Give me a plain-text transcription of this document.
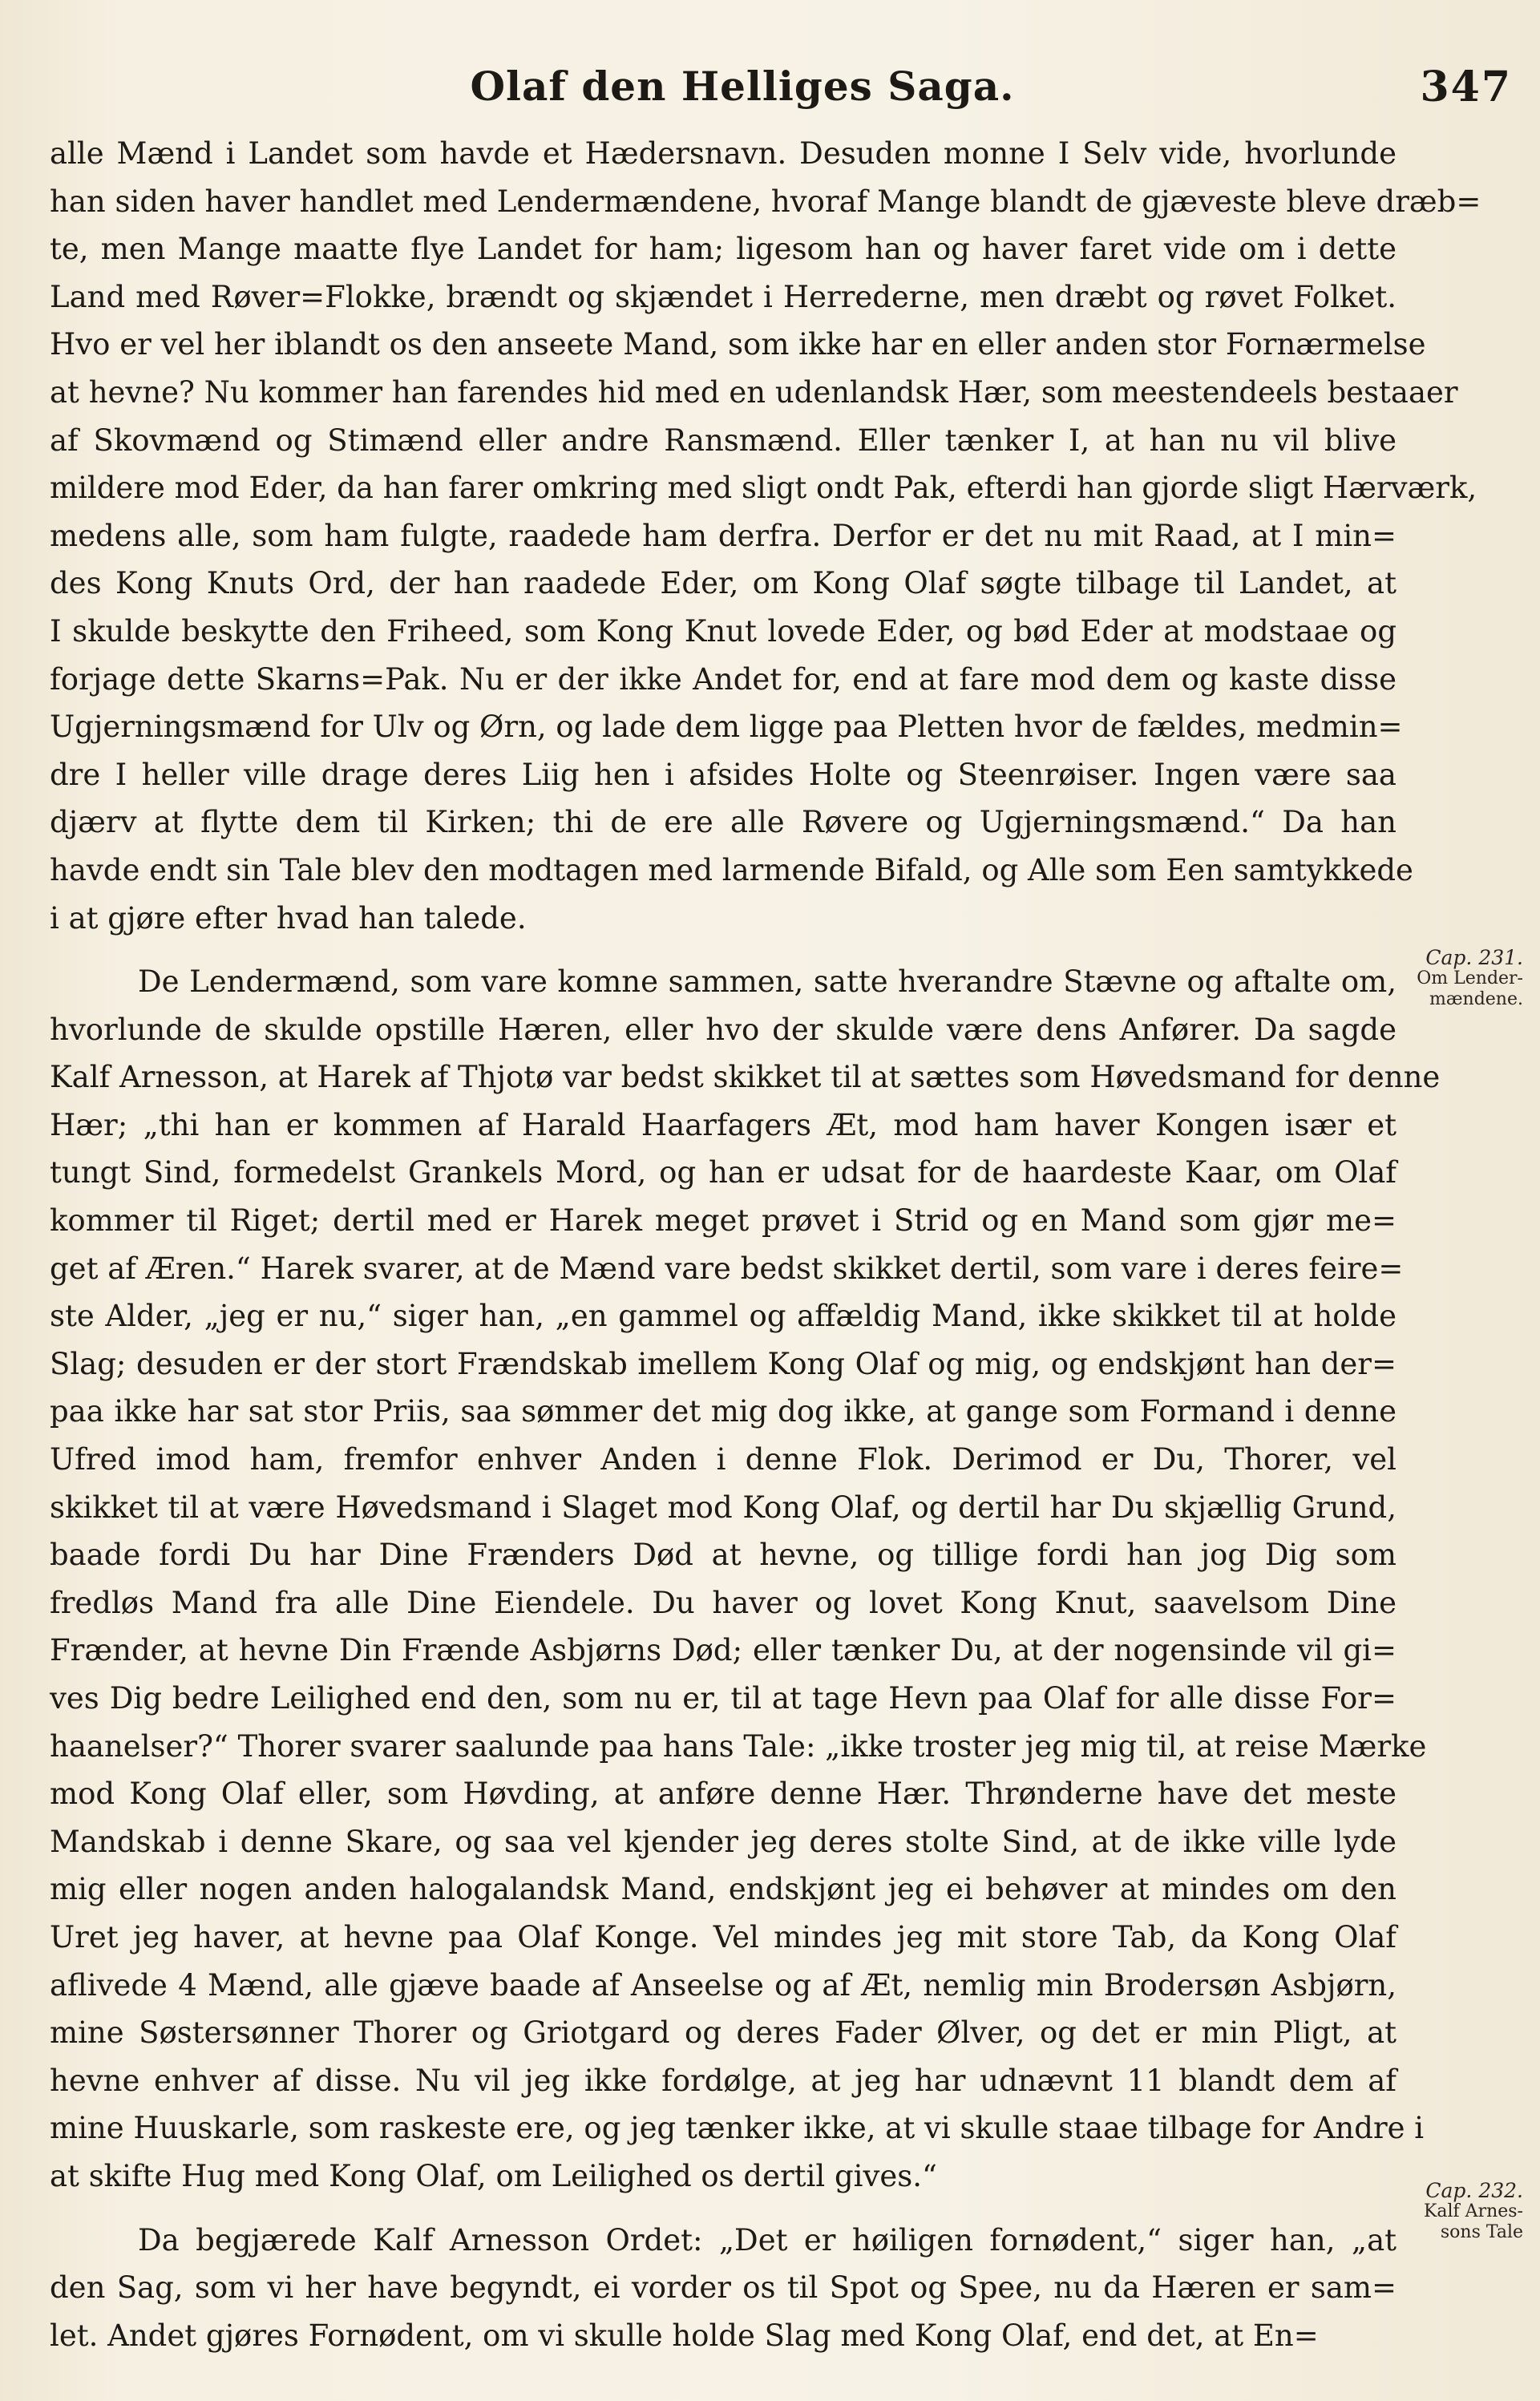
Olaf den Helliges Saga.	347
alle Mænd i Landet som havde et Hædersnavn. Desuden monne I Selv vide, hvorlunde
han siden haver handlet med Lendermændene, hvoraf Mange blandt de gjæveste bleve dræb=
te, men Mange maatte flye Landet for ham; ligesom han og haver faret vide om i dette
Land med Røver=Flokke, brændt og skjændet i Herrederne, men dræbt og røvet Folket.
Hvo er vel her iblandt os den anseete Mand, som ikke har en eller anden stor Fornærmelse
at hevne? Nu kommer han farendes hid med en udenlandsk Hær, som meestendeels bestaaer
af Skovmænd og Stimænd eller andre Ransmænd. Eller tænker I, at han nu vil blive
mildere mod Eder, da han farer omkring med sligt ondt Pak, efterdi han gjorde sligt Hærværk,
medens alle, som ham fulgte, raadede ham derfra. Derfor er det nu mit Raad, at I min=
des Kong Knuts Ord, der han raadede Eder, om Kong Olaf søgte tilbage til Landet, at
I skulde beskytte den Friheed, som Kong Knut lovede Eder, og bød Eder at modstaae og
forjage dette Skarns=Pak. Nu er der ikke Andet for, end at fare mod dem og kaste disse
Ugjerningsmænd for Ulv og Ørn, og lade dem ligge paa Pletten hvor de fældes, medmin=
dre I heller ville drage deres Liig hen i afsides Holte og Steenrøiser. Ingen være saa
djærv at flytte dem til Kirken; thi de ere alle Røvere og Ugjerningsmænd.“ Da han
havde endt sin Tale blev den modtagen med larmende Bifald, og Alle som Een samtykkede
i at gjøre efter hvad han talede.
De Lendermænd, som vare komne sammen, satte hverandre Stævne og aftalte om,
hvorlunde de skulde opstille Hæren, eller hvo der skulde være dens Anfører. Da sagde
Kalf Arnesson, at Harek af Thjotø var bedst skikket til at sættes som Høvedsmand for denne
Hær; „thi han er kommen af Harald Haarfagers Æt, mod ham haver Kongen især et
tungt Sind, formedelst Grankels Mord, og han er udsat for de haardeste Kaar, om Olaf
kommer til Riget; dertil med er Harek meget prøvet i Strid og en Mand som gjør me=
get af Æren.“ Harek svarer, at de Mænd vare bedst skikket dertil, som vare i deres feire=
ste Alder, „jeg er nu,“ siger han, „en gammel og affældig Mand, ikke skikket til at holde
Slag; desuden er der stort Frændskab imellem Kong Olaf og mig, og endskjønt han der=
paa ikke har sat stor Priis, saa sømmer det mig dog ikke, at gange som Formand i denne
Ufred imod ham, fremfor enhver Anden i denne Flok. Derimod er Du, Thorer, vel
skikket til at være Høvedsmand i Slaget mod Kong Olaf, og dertil har Du skjællig Grund,
baade fordi Du har Dine Frænders Død at hevne, og tillige fordi han jog Dig som
fredløs Mand fra alle Dine Eiendele. Du haver og lovet Kong Knut, saavelsom Dine
Frænder, at hevne Din Frænde Asbjørns Død; eller tænker Du, at der nogensinde vil gi=
ves Dig bedre Leilighed end den, som nu er, til at tage Hevn paa Olaf for alle disse For=
haanelser?“ Thorer svarer saalunde paa hans Tale: „ikke troster jeg mig til, at reise Mærke
mod Kong Olaf eller, som Høvding, at anføre denne Hær. Thrønderne have det meste
Mandskab i denne Skare, og saa vel kjender jeg deres stolte Sind, at de ikke ville lyde
mig eller nogen anden halogalandsk Mand, endskjønt jeg ei behøver at mindes om den
Uret jeg haver, at hevne paa Olaf Konge. Vel mindes jeg mit store Tab, da Kong Olaf
aflivede 4 Mænd, alle gjæve baade af Anseelse og af Æt, nemlig min Brodersøn Asbjørn,
mine Søstersønner Thorer og Griotgard og deres Fader Ølver, og det er min Pligt, at
hevne enhver af disse. Nu vil jeg ikke fordølge, at jeg har udnævnt 11 blandt dem af
mine Huuskarle, som raskeste ere, og jeg tænker ikke, at vi skulle staae tilbage for Andre i
at skifte Hug med Kong Olaf, om Leilighed os dertil gives.“
Da begjærede Kalf Arnesson Ordet: „Det er høiligen fornødent,“ siger han, „at
den Sag, som vi her have begyndt, ei vorder os til Spot og Spee, nu da Hæren er sam=
let. Andet gjøres Fornødent, om vi skulle holde Slag med Kong Olaf, end det, at En=
Cap. 231.
Om Lender-mændene.
Cap. 232.
Kalf Arnes-sons Tale
